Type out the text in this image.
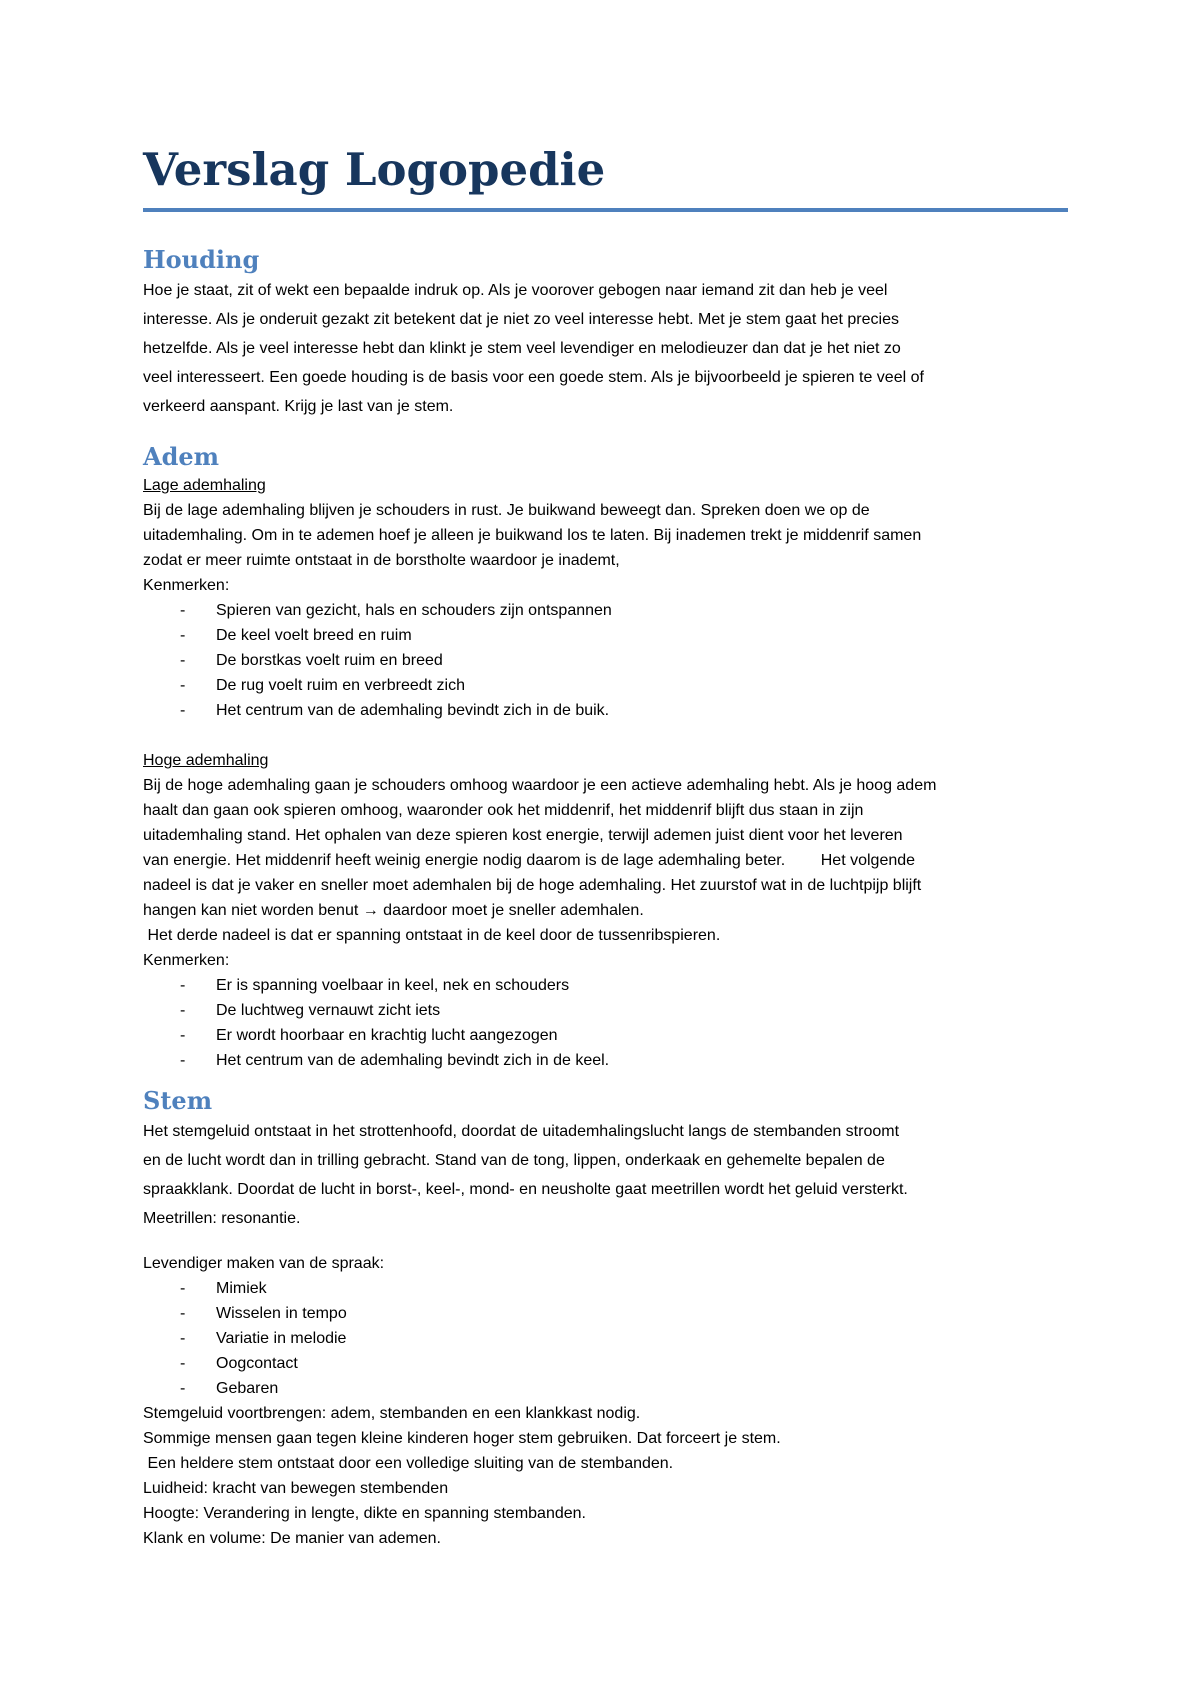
Verslag Logopedie
Houding
Hoe je staat, zit of wekt een bepaalde indruk op. Als je voorover gebogen naar iemand zit dan heb je veel
interesse. Als je onderuit gezakt zit betekent dat je niet zo veel interesse hebt. Met je stem gaat het precies
hetzelfde. Als je veel interesse hebt dan klinkt je stem veel levendiger en melodieuzer dan dat je het niet zo
veel interesseert. Een goede houding is de basis voor een goede stem. Als je bijvoorbeeld je spieren te veel of
verkeerd aanspant. Krijg je last van je stem.
Adem
Lage ademhaling
Bij de lage ademhaling blijven je schouders in rust. Je buikwand beweegt dan. Spreken doen we op de
uitademhaling. Om in te ademen hoef je alleen je buikwand los te laten. Bij inademen trekt je middenrif samen
zodat er meer ruimte ontstaat in de borstholte waardoor je inademt,
Kenmerken:
- Spieren van gezicht, hals en schouders zijn ontspannen
- De keel voelt breed en ruim
- De borstkas voelt ruim en breed
- De rug voelt ruim en verbreedt zich
- Het centrum van de ademhaling bevindt zich in de buik.
Hoge ademhaling
Bij de hoge ademhaling gaan je schouders omhoog waardoor je een actieve ademhaling hebt. Als je hoog adem
haalt dan gaan ook spieren omhoog, waaronder ook het middenrif, het middenrif blijft dus staan in zijn
uitademhaling stand. Het ophalen van deze spieren kost energie, terwijl ademen juist dient voor het leveren
van energie. Het middenrif heeft weinig energie nodig daarom is de lage ademhaling beter.        Het volgende
nadeel is dat je vaker en sneller moet ademhalen bij de hoge ademhaling. Het zuurstof wat in de luchtpijp blijft
hangen kan niet worden benut → daardoor moet je sneller ademhalen.
Het derde nadeel is dat er spanning ontstaat in de keel door de tussenribspieren.
Kenmerken:
- Er is spanning voelbaar in keel, nek en schouders
- De luchtweg vernauwt zicht iets
- Er wordt hoorbaar en krachtig lucht aangezogen
- Het centrum van de ademhaling bevindt zich in de keel.
Stem
Het stemgeluid ontstaat in het strottenhoofd, doordat de uitademhalingslucht langs de stembanden stroomt
en de lucht wordt dan in trilling gebracht. Stand van de tong, lippen, onderkaak en gehemelte bepalen de
spraakklank. Doordat de lucht in borst-, keel-, mond- en neusholte gaat meetrillen wordt het geluid versterkt.
Meetrillen: resonantie.
Levendiger maken van de spraak:
- Mimiek
- Wisselen in tempo
- Variatie in melodie
- Oogcontact
- Gebaren
Stemgeluid voortbrengen: adem, stembanden en een klankkast nodig.
Sommige mensen gaan tegen kleine kinderen hoger stem gebruiken. Dat forceert je stem.
Een heldere stem ontstaat door een volledige sluiting van de stembanden.
Luidheid: kracht van bewegen stembenden
Hoogte: Verandering in lengte, dikte en spanning stembanden.
Klank en volume: De manier van ademen.
